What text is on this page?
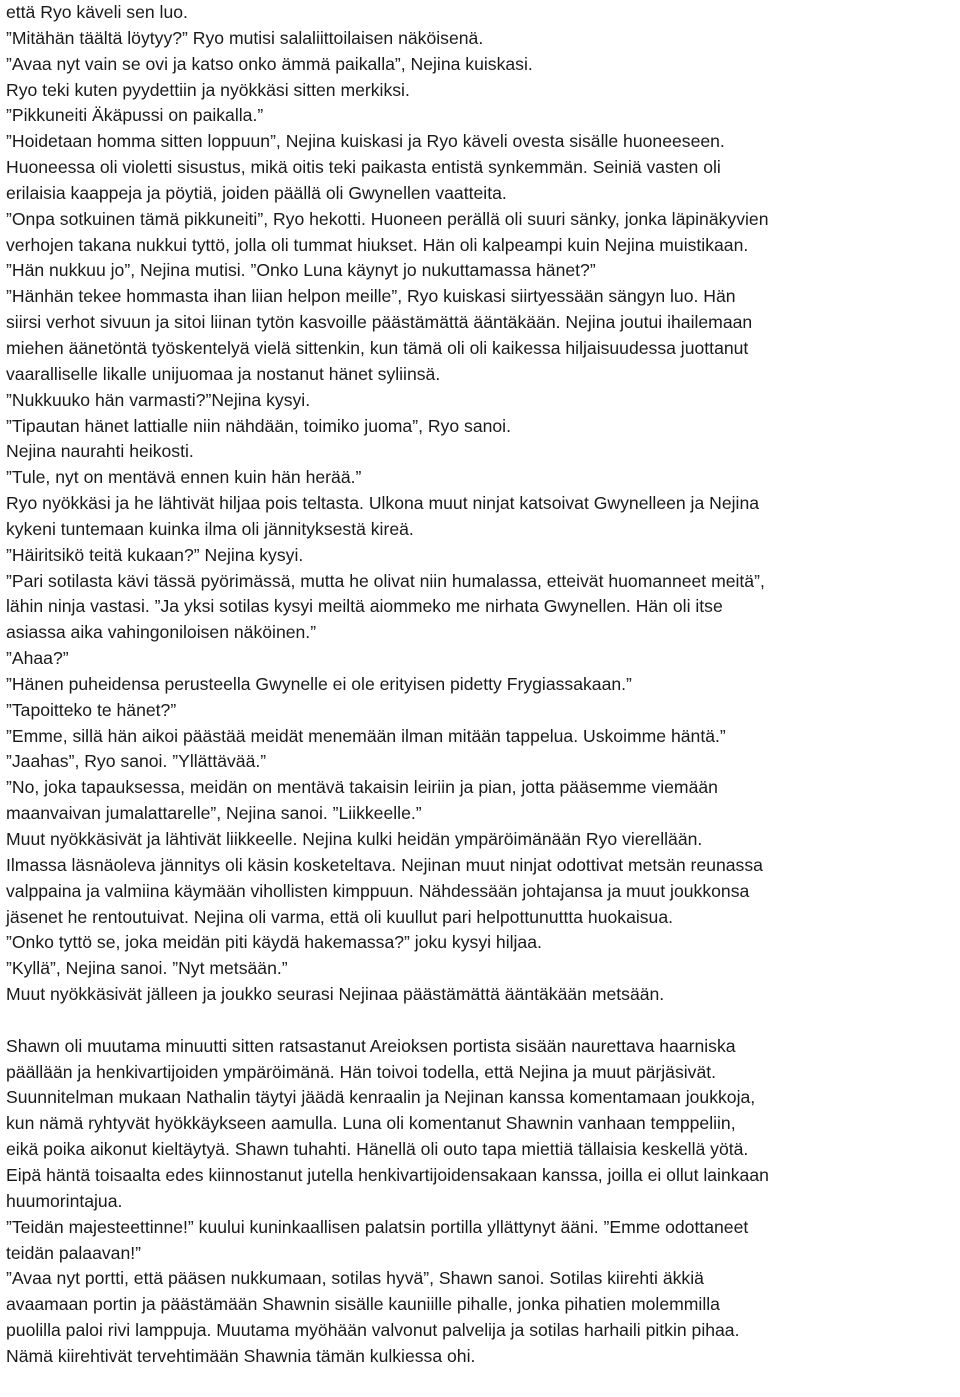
että Ryo käveli sen luo.
”Mitähän täältä löytyy?” Ryo mutisi salaliittoilaisen näköisenä.
”Avaa nyt vain se ovi ja katso onko ämmä paikalla”, Nejina kuiskasi.
Ryo teki kuten pyydettiin ja nyökkäsi sitten merkiksi.
”Pikkuneiti Äkäpussi on paikalla.”
”Hoidetaan homma sitten loppuun”, Nejina kuiskasi ja Ryo käveli ovesta sisälle huoneeseen.
Huoneessa oli violetti sisustus, mikä oitis teki paikasta entistä synkemmän. Seiniä vasten oli
erilaisia kaappeja ja pöytiä, joiden päällä oli Gwynellen vaatteita.
”Onpa sotkuinen tämä pikkuneiti”, Ryo hekotti. Huoneen perällä oli suuri sänky, jonka läpinäkyvien
verhojen takana nukkui tyttö, jolla oli tummat hiukset. Hän oli kalpeampi kuin Nejina muistikaan.
”Hän nukkuu jo”, Nejina mutisi. ”Onko Luna käynyt jo nukuttamassa hänet?”
”Hänhän tekee hommasta ihan liian helpon meille”, Ryo kuiskasi siirtyessään sängyn luo. Hän
siirsi verhot sivuun ja sitoi liinan tytön kasvoille päästämättä ääntäkään. Nejina joutui ihailemaan
miehen äänetöntä työskentelyä vielä sittenkin, kun tämä oli oli kaikessa hiljaisuudessa juottanut
vaaralliselle likalle unijuomaa ja nostanut hänet syliinsä.
”Nukkuuko hän varmasti?”Nejina kysyi.
”Tipautan hänet lattialle niin nähdään, toimiko juoma”, Ryo sanoi.
Nejina naurahti heikosti.
”Tule, nyt on mentävä ennen kuin hän herää.”
Ryo nyökkäsi ja he lähtivät hiljaa pois teltasta. Ulkona muut ninjat katsoivat Gwynelleen ja Nejina
kykeni tuntemaan kuinka ilma oli jännityksestä kireä.
”Häiritsikö teitä kukaan?” Nejina kysyi.
”Pari sotilasta kävi tässä pyörimässä, mutta he olivat niin humalassa, etteivät huomanneet meitä”,
lähin ninja vastasi. ”Ja yksi sotilas kysyi meiltä aiommeko me nirhata Gwynellen. Hän oli itse
asiassa aika vahingoniloisen näköinen.”
”Ahaa?”
”Hänen puheidensa perusteella Gwynelle ei ole erityisen pidetty Frygiassakaan.”
”Tapoitteko te hänet?”
”Emme, sillä hän aikoi päästää meidät menemään ilman mitään tappelua. Uskoimme häntä.”
”Jaahas”, Ryo sanoi. ”Yllättävää.”
”No, joka tapauksessa, meidän on mentävä takaisin leiriin ja pian, jotta pääsemme viemään
maanvaivan jumalattarelle”, Nejina sanoi. ”Liikkeelle.”
Muut nyökkäsivät ja lähtivät liikkeelle. Nejina kulki heidän ympäröimänään Ryo vierellään.
Ilmassa läsnäoleva jännitys oli käsin kosketeltava. Nejinan muut ninjat odottivat metsän reunassa
valppaina ja valmiina käymään vihollisten kimppuun. Nähdessään johtajansa ja muut joukkonsa
jäsenet he rentoutuivat. Nejina oli varma, että oli kuullut pari helpottunuttta huokaisua.
”Onko tyttö se, joka meidän piti käydä hakemassa?” joku kysyi hiljaa.
”Kyllä”, Nejina sanoi. ”Nyt metsään.”
Muut nyökkäsivät jälleen ja joukko seurasi Nejinaa päästämättä ääntäkään metsään.
Shawn oli muutama minuutti sitten ratsastanut Areioksen portista sisään naurettava haarniska
päällään ja henkivartijoiden ympäröimänä. Hän toivoi todella, että Nejina ja muut pärjäsivät.
Suunnitelman mukaan Nathalin täytyi jäädä kenraalin ja Nejinan kanssa komentamaan joukkoja,
kun nämä ryhtyvät hyökkäykseen aamulla. Luna oli komentanut Shawnin vanhaan temppeliin,
eikä poika aikonut kieltäytyä. Shawn tuhahti. Hänellä oli outo tapa miettiä tällaisia keskellä yötä.
Eipä häntä toisaalta edes kiinnostanut jutella henkivartijoidensakaan kanssa, joilla ei ollut lainkaan
huumorintajua.
”Teidän majesteettinne!” kuului kuninkaallisen palatsin portilla yllättynyt ääni. ”Emme odottaneet
teidän palaavan!”
”Avaa nyt portti, että pääsen nukkumaan, sotilas hyvä”, Shawn sanoi. Sotilas kiirehti äkkiä
avaamaan portin ja päästämään Shawnin sisälle kauniille pihalle, jonka pihatien molemmilla
puolilla paloi rivi lamppuja. Muutama myöhään valvonut palvelija ja sotilas harhaili pitkin pihaa.
Nämä kiirehtivät tervehtimään Shawnia tämän kulkiessa ohi.
